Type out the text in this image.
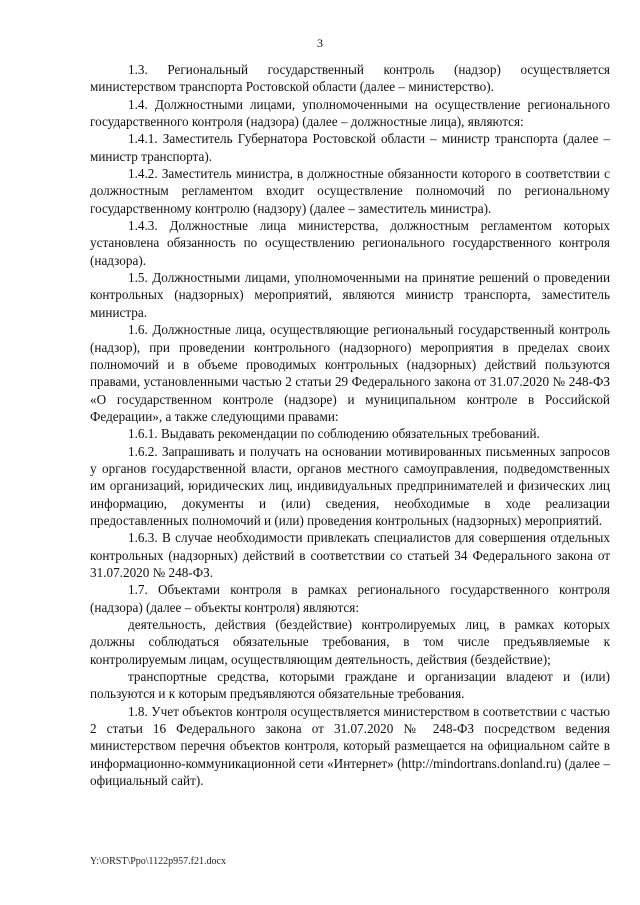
3

1.3. Региональный государственный контроль (надзор) осуществляется министерством транспорта Ростовской области (далее – министерство).

1.4. Должностными лицами, уполномоченными на осуществление регионального государственного контроля (надзора) (далее – должностные лица), являются:

1.4.1. Заместитель Губернатора Ростовской области – министр транспорта (далее – министр транспорта).

1.4.2. Заместитель министра, в должностные обязанности которого в соответствии с должностным регламентом входит осуществление полномочий по региональному государственному контролю (надзору) (далее – заместитель министра).

1.4.3. Должностные лица министерства, должностным регламентом которых установлена обязанность по осуществлению регионального государственного контроля (надзора).

1.5. Должностными лицами, уполномоченными на принятие решений о проведении контрольных (надзорных) мероприятий, являются министр транспорта, заместитель министра.

1.6. Должностные лица, осуществляющие региональный государственный контроль (надзор), при проведении контрольного (надзорного) мероприятия в пределах своих полномочий и в объеме проводимых контрольных (надзорных) действий пользуются правами, установленными частью 2 статьи 29 Федерального закона от 31.07.2020 № 248-ФЗ «О государственном контроле (надзоре) и муниципальном контроле в Российской Федерации», а также следующими правами:

1.6.1. Выдавать рекомендации по соблюдению обязательных требований.

1.6.2. Запрашивать и получать на основании мотивированных письменных запросов у органов государственной власти, органов местного самоуправления, подведомственных им организаций, юридических лиц, индивидуальных предпринимателей и физических лиц информацию, документы и (или) сведения, необходимые в ходе реализации предоставленных полномочий и (или) проведения контрольных (надзорных) мероприятий.

1.6.3. В случае необходимости привлекать специалистов для совершения отдельных контрольных (надзорных) действий в соответствии со статьей 34 Федерального закона от 31.07.2020 № 248-ФЗ.

1.7. Объектами контроля в рамках регионального государственного контроля (надзора) (далее – объекты контроля) являются:

деятельность, действия (бездействие) контролируемых лиц, в рамках которых должны соблюдаться обязательные требования, в том числе предъявляемые к контролируемым лицам, осуществляющим деятельность, действия (бездействие);

транспортные средства, которыми граждане и организации владеют и (или) пользуются и к которым предъявляются обязательные требования.

1.8. Учет объектов контроля осуществляется министерством в соответствии с частью 2 статьи 16 Федерального закона от 31.07.2020 № 248-ФЗ посредством ведения министерством перечня объектов контроля, который размещается на официальном сайте в информационно-коммуникационной сети «Интернет» (http://mindortrans.donland.ru) (далее – официальный сайт).

Y:\ORST\Ppo\1122p957.f21.docx
